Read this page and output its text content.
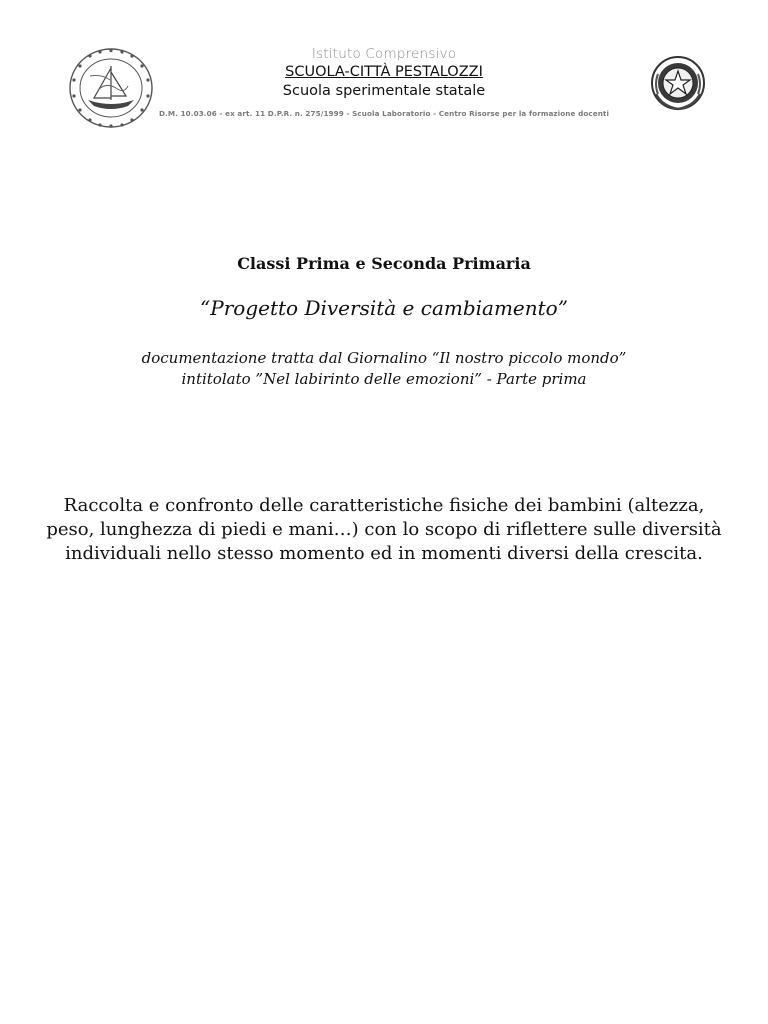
Istituto Comprensivo
SCUOLA-CITTÀ PESTALOZZI
Scuola sperimentale statale
D.M. 10.03.06 - ex art. 11 D.P.R. n. 275/1999 - Scuola Laboratorio - Centro Risorse per la formazione docenti
Classi Prima e Seconda Primaria
“Progetto Diversità e cambiamento”
documentazione tratta dal Giornalino “Il nostro piccolo mondo”
intitolato ”Nel labirinto delle emozioni” - Parte prima
Raccolta e confronto delle caratteristiche fisiche dei bambini (altezza,
peso, lunghezza di piedi e mani…) con lo scopo di riflettere sulle diversità
individuali nello stesso momento ed in momenti diversi della crescita.
